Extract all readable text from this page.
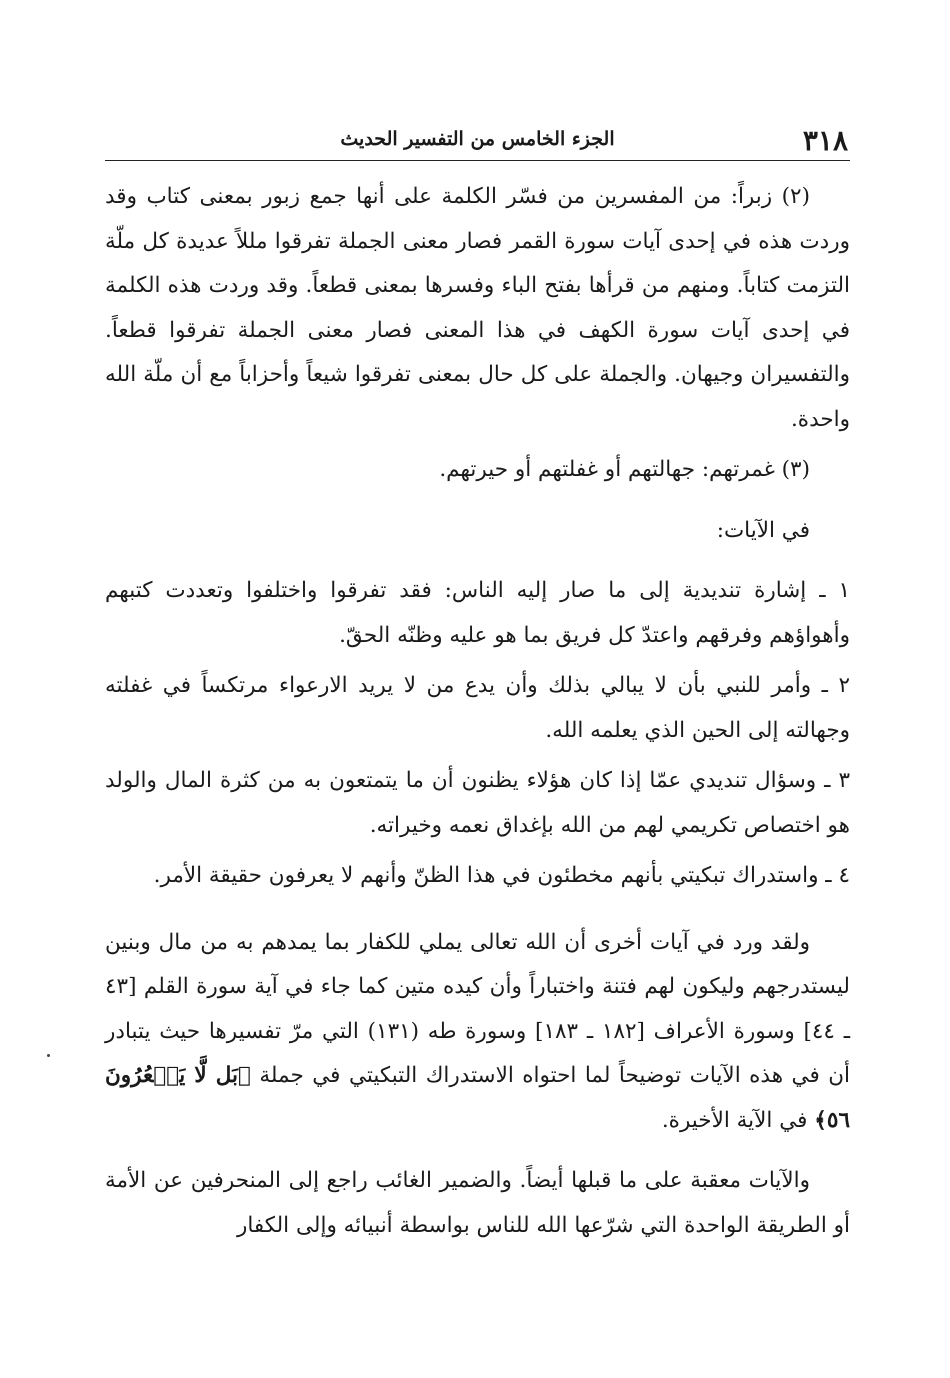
٣١٨
الجزء الخامس من التفسير الحديث

(٢) زبراً: من المفسرين من فسّر الكلمة على أنها جمع زبور بمعنى كتاب وقد وردت هذه في إحدى آيات سورة القمر فصار معنى الجملة تفرقوا مللاً عديدة كل ملّة التزمت كتاباً. ومنهم من قرأها بفتح الباء وفسرها بمعنى قطعاً. وقد وردت هذه الكلمة في إحدى آيات سورة الكهف في هذا المعنى فصار معنى الجملة تفرقوا قطعاً. والتفسيران وجيهان. والجملة على كل حال بمعنى تفرقوا شيعاً وأحزاباً مع أن ملّة الله واحدة.

(٣) غمرتهم: جهالتهم أو غفلتهم أو حيرتهم.

في الآيات:

١ ـ إشارة تنديدية إلى ما صار إليه الناس: فقد تفرقوا واختلفوا وتعددت كتبهم وأهواؤهم وفرقهم واعتدّ كل فريق بما هو عليه وظنّه الحقّ.

٢ ـ وأمر للنبي بأن لا يبالي بذلك وأن يدع من لا يريد الارعواء مرتكساً في غفلته وجهالته إلى الحين الذي يعلمه الله.

٣ ـ وسؤال تنديدي عمّا إذا كان هؤلاء يظنون أن ما يتمتعون به من كثرة المال والولد هو اختصاص تكريمي لهم من الله بإغداق نعمه وخيراته.

٤ ـ واستدراك تبكيتي بأنهم مخطئون في هذا الظنّ وأنهم لا يعرفون حقيقة الأمر.

ولقد ورد في آيات أخرى أن الله تعالى يملي للكفار بما يمدهم به من مال وبنين ليستدرجهم وليكون لهم فتنة واختباراً وأن كيده متين كما جاء في آية سورة القلم [٤٣ ـ ٤٤] وسورة الأعراف [١٨٢ ـ ١٨٣] وسورة طه (١٣١) التي مرّ تفسيرها حيث يتبادر أن في هذه الآيات توضيحاً لما احتواه الاستدراك التبكيتي في جملة ﴿بَل لَّا يَشۡعُرُونَ ٥٦﴾ في الآية الأخيرة.

والآيات معقبة على ما قبلها أيضاً. والضمير الغائب راجع إلى المنحرفين عن الأمة أو الطريقة الواحدة التي شرّعها الله للناس بواسطة أنبيائه وإلى الكفار
